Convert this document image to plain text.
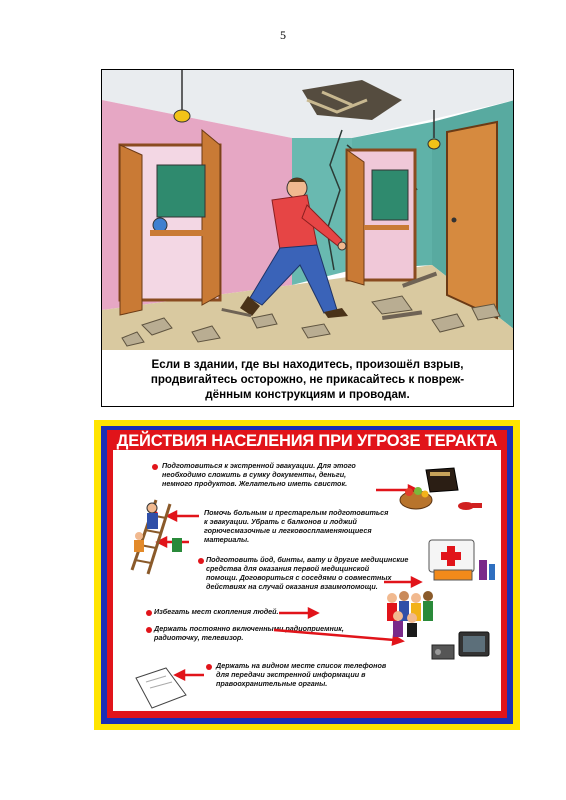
5
Если в здании, где вы находитесь, произошёл взрыв,
продвигайтесь осторожно, не прикасайтесь к повреж-
дённым конструкциям и проводам.
ДЕЙСТВИЯ НАСЕЛЕНИЯ ПРИ УГРОЗЕ ТЕРАКТА
Подготовиться к экстренной эвакуации. Для этого
необходимо сложить в сумку документы, деньги,
немного продуктов. Желательно иметь свисток.
Помочь больным и престарелым подготовиться
к эвакуации. Убрать с балконов и лоджий
горючесмазочные и легковоспламеняющиеся
материалы.
Подготовить йод, бинты, вату и другие медицинские
средства для оказания первой медицинской
помощи. Договориться с соседями о совместных
действиях на случай оказания взаимопомощи.
Избегать мест скопления людей.
Держать постоянно включенными радиоприемник,
радиоточку, телевизор.
Держать на видном месте список телефонов
для передачи экстренной информации в
правоохранительные органы.
